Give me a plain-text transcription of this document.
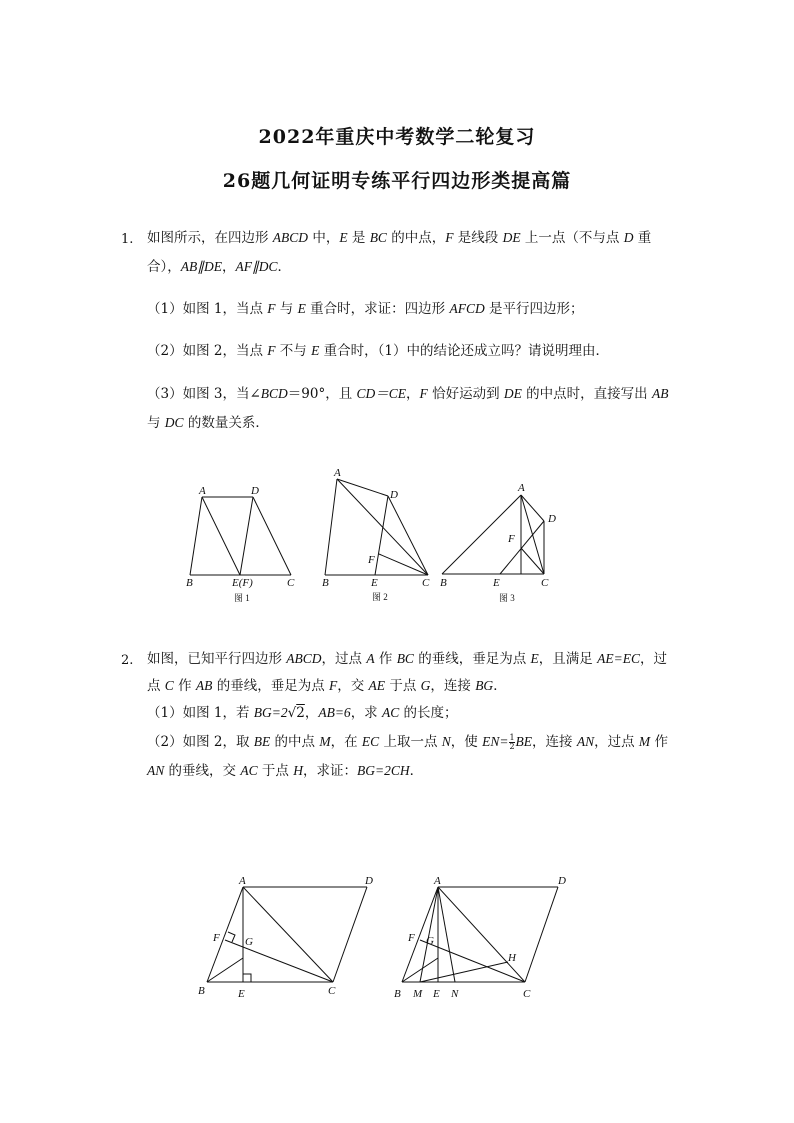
2022年重庆中考数学二轮复习
26题几何证明专练平行四边形类提高篇
1. 如图所示，在四边形 ABCD 中，E 是 BC 的中点，F 是线段 DE 上一点（不与点 D 重
合），AB∥DE，AF∥DC．
（1）如图 1，当点 F 与 E 重合时，求证：四边形 AFCD 是平行四边形；
（2）如图 2，当点 F 不与 E 重合时，（1）中的结论还成立吗？请说明理由．
（3）如图 3，当∠BCD＝90°，且 CD＝CE，F 恰好运动到 DE 的中点时，直接写出 AB
与 DC 的数量关系．
A	D
B	E(F)	C
图 1
A
D
F
B	E	C
图 2
A
D
F
B	E	C
图 3
2. 如图，已知平行四边形 ABCD，过点 A 作 BC 的垂线，垂足为点 E，且满足 AE=EC，过
点 C 作 AB 的垂线，垂足为点 F，交 AE 于点 G，连接 BG．
（1）如图 1，若 BG=2√2，AB=6，求 AC 的长度；
（2）如图 2，取 BE 的中点 M，在 EC 上取一点 N，使 $EN= \frac{1}{2}$ BE，连接 AN，过点 M 作
AN 的垂线，交 AC 于点 H，求证：BG=2CH．
A	D
F G
B	E	C
A	D
F G
H
B M E N	C
